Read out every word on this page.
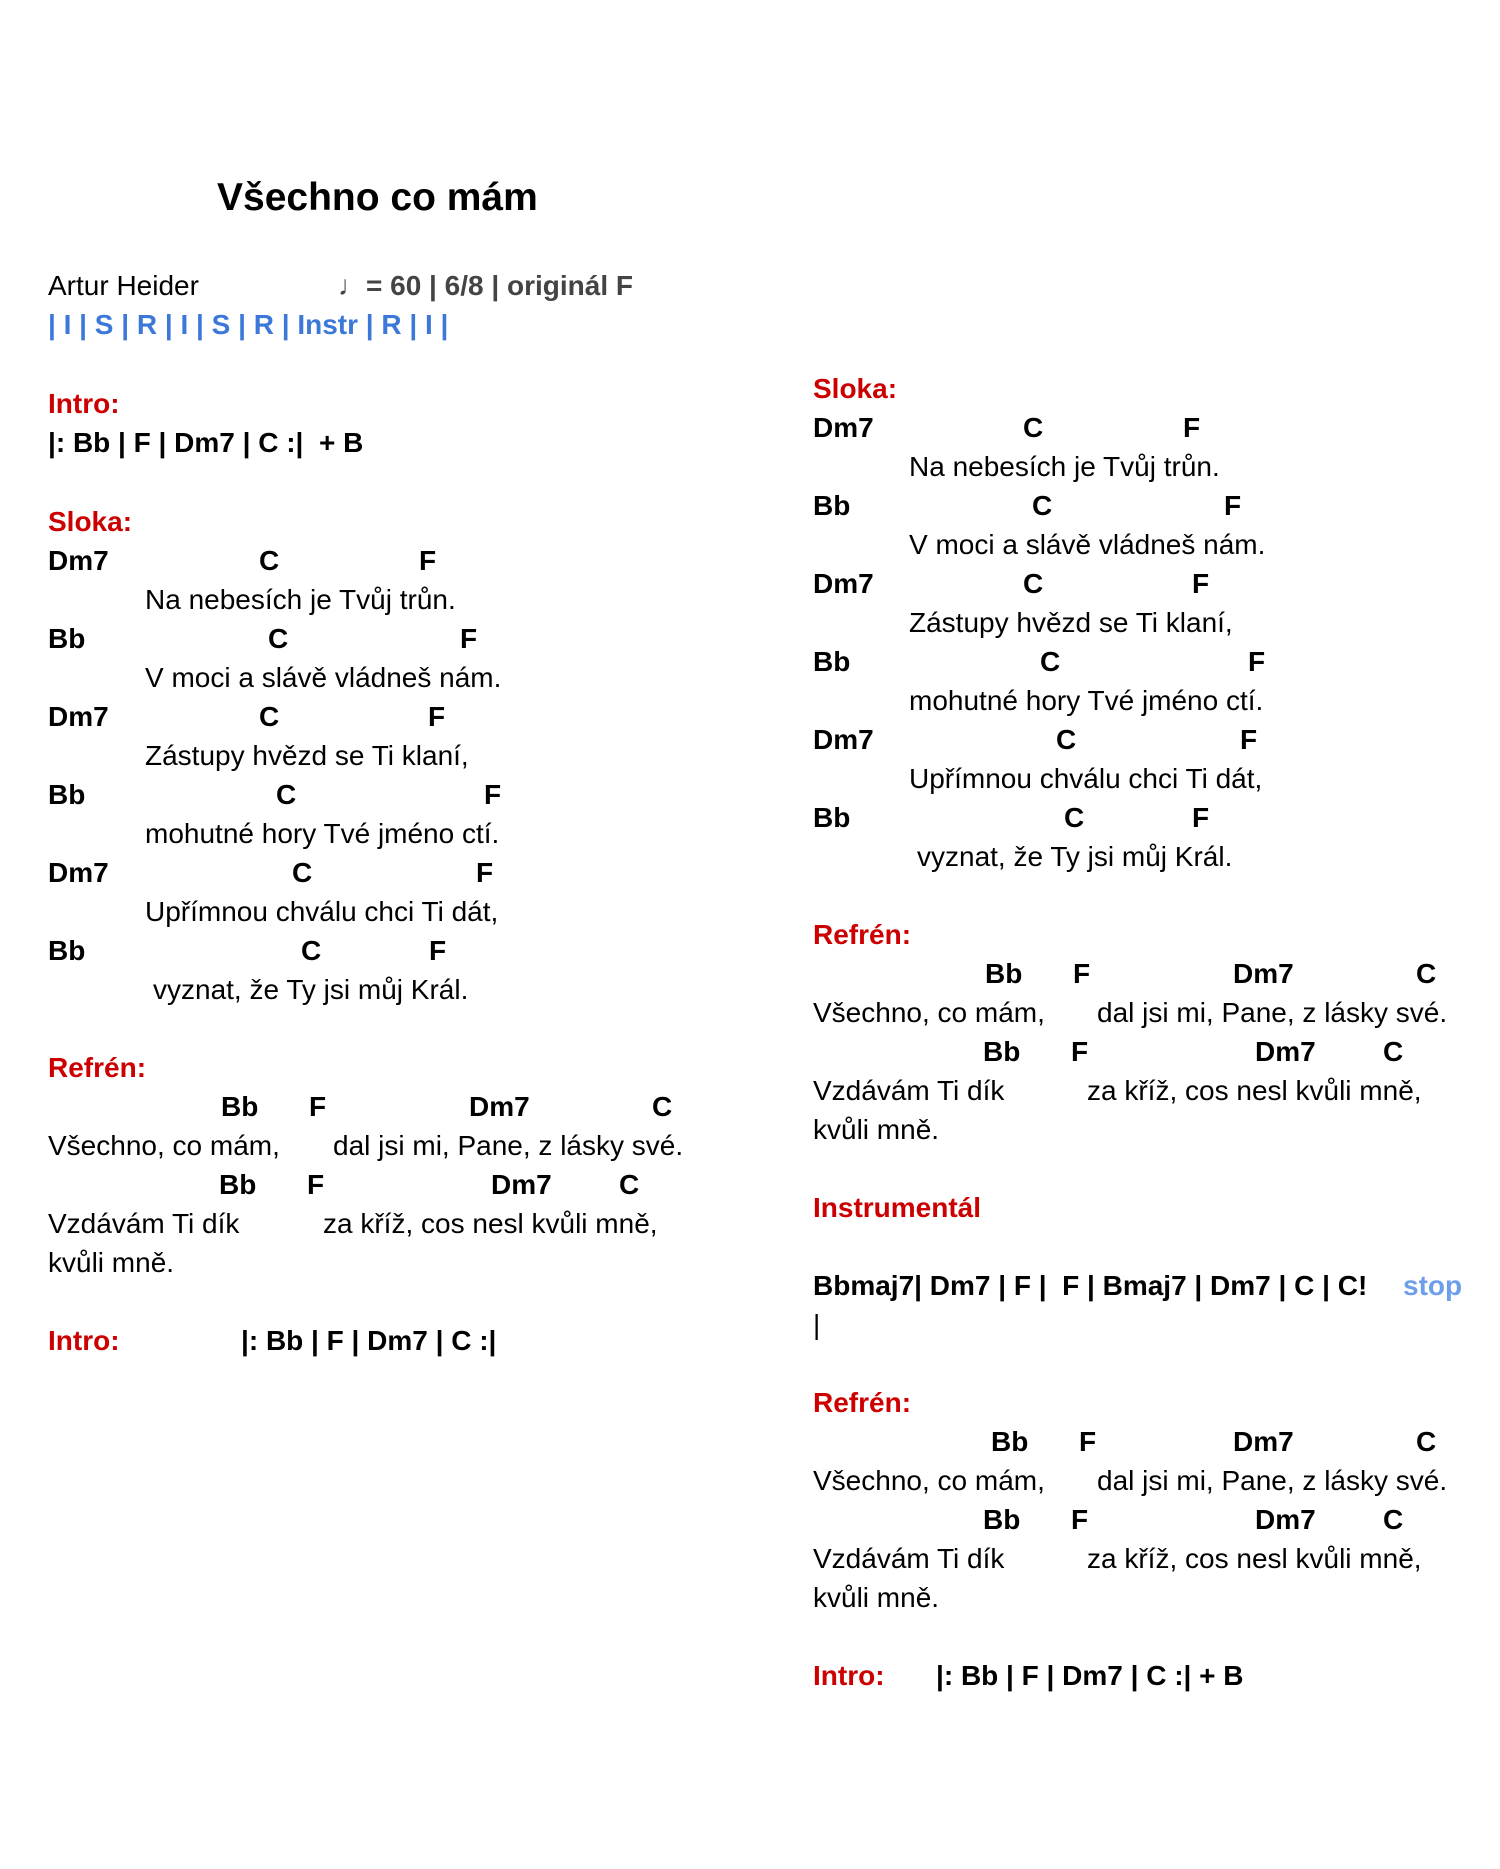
Všechno co mám
Artur Heider	♩= 60 | 6/8 | originál F
| I | S | R | I | S | R | Instr | R | I |
Intro:
|: Bb | F | Dm7 | C :|  + B
Sloka:
Dm7	C	F
Na nebesích je Tvůj trůn.
Bb	C	F
V moci a slávě vládneš nám.
Dm7	C	F
Zástupy hvězd se Ti klaní,
Bb	C	F
mohutné hory Tvé jméno ctí.
Dm7	C	F
Upřímnou chválu chci Ti dát,
Bb	C	F
vyznat, že Ty jsi můj Král.
Refrén:
Bb F	Dm7	C
Všechno, co mám, dal jsi mi, Pane, z lásky své.
Bb F	Dm7 C
Vzdávám Ti dík	za kříž, cos nesl kvůli mně,
kvůli mně.
Intro:	|: Bb | F | Dm7 | C :|
Sloka:
Dm7	C	F
Na nebesích je Tvůj trůn.
Bb	C	F
V moci a slávě vládneš nám.
Dm7	C	F
Zástupy hvězd se Ti klaní,
Bb	C	F
mohutné hory Tvé jméno ctí.
Dm7	C	F
Upřímnou chválu chci Ti dát,
Bb	C	F
vyznat, že Ty jsi můj Král.
Refrén:
Bb F	Dm7	C
Všechno, co mám, dal jsi mi, Pane, z lásky své.
Bb F	Dm7 C
Vzdávám Ti dík	za kříž, cos nesl kvůli mně,
kvůli mně.
Instrumentál
Bbmaj7| Dm7 | F |  F | Bmaj7 | Dm7 | C | C! stop
|
Refrén:
Bb F	Dm7	C
Všechno, co mám, dal jsi mi, Pane, z lásky své.
Bb F	Dm7 C
Vzdávám Ti dík	za kříž, cos nesl kvůli mně,
kvůli mně.
Intro: |: Bb | F | Dm7 | C :| + B
